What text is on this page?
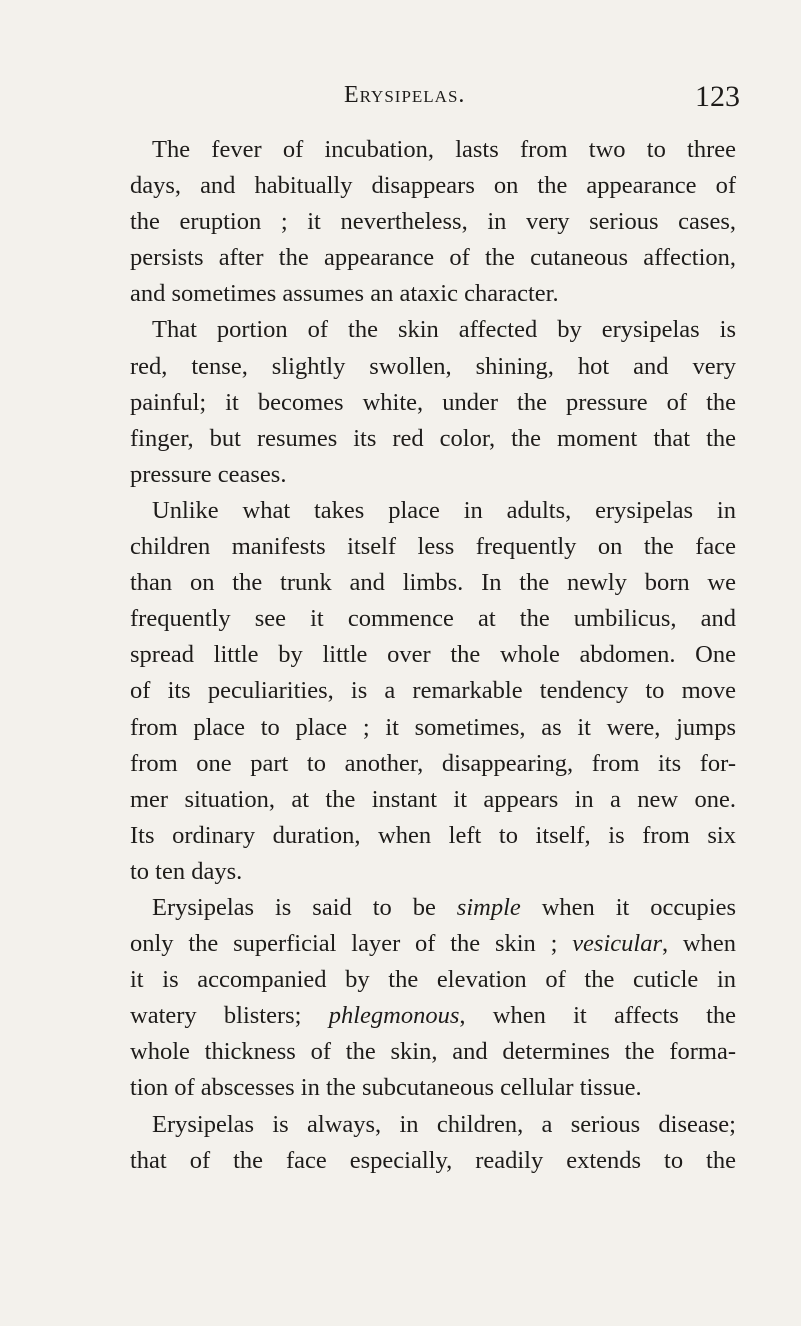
Erysipelas.	123
The fever of incubation, lasts from two to three
days, and habitually disappears on the appearance of
the eruption ; it nevertheless, in very serious cases,
persists after the appearance of the cutaneous affection,
and sometimes assumes an ataxic character.
That portion of the skin affected by erysipelas is
red, tense, slightly swollen, shining, hot and very
painful; it becomes white, under the pressure of the
finger, but resumes its red color, the moment that the
pressure ceases.
Unlike what takes place in adults, erysipelas in
children manifests itself less frequently on the face
than on the trunk and limbs. In the newly born we
frequently see it commence at the umbilicus, and
spread little by little over the whole abdomen. One
of its peculiarities, is a remarkable tendency to move
from place to place ; it sometimes, as it were, jumps
from one part to another, disappearing, from its for-
mer situation, at the instant it appears in a new one.
Its ordinary duration, when left to itself, is from six
to ten days.
Erysipelas is said to be simple when it occupies
only the superficial layer of the skin ; vesicular, when
it is accompanied by the elevation of the cuticle in
watery blisters; phlegmonous, when it affects the
whole thickness of the skin, and determines the forma-
tion of abscesses in the subcutaneous cellular tissue.
Erysipelas is always, in children, a serious disease;
that of the face especially, readily extends to the
